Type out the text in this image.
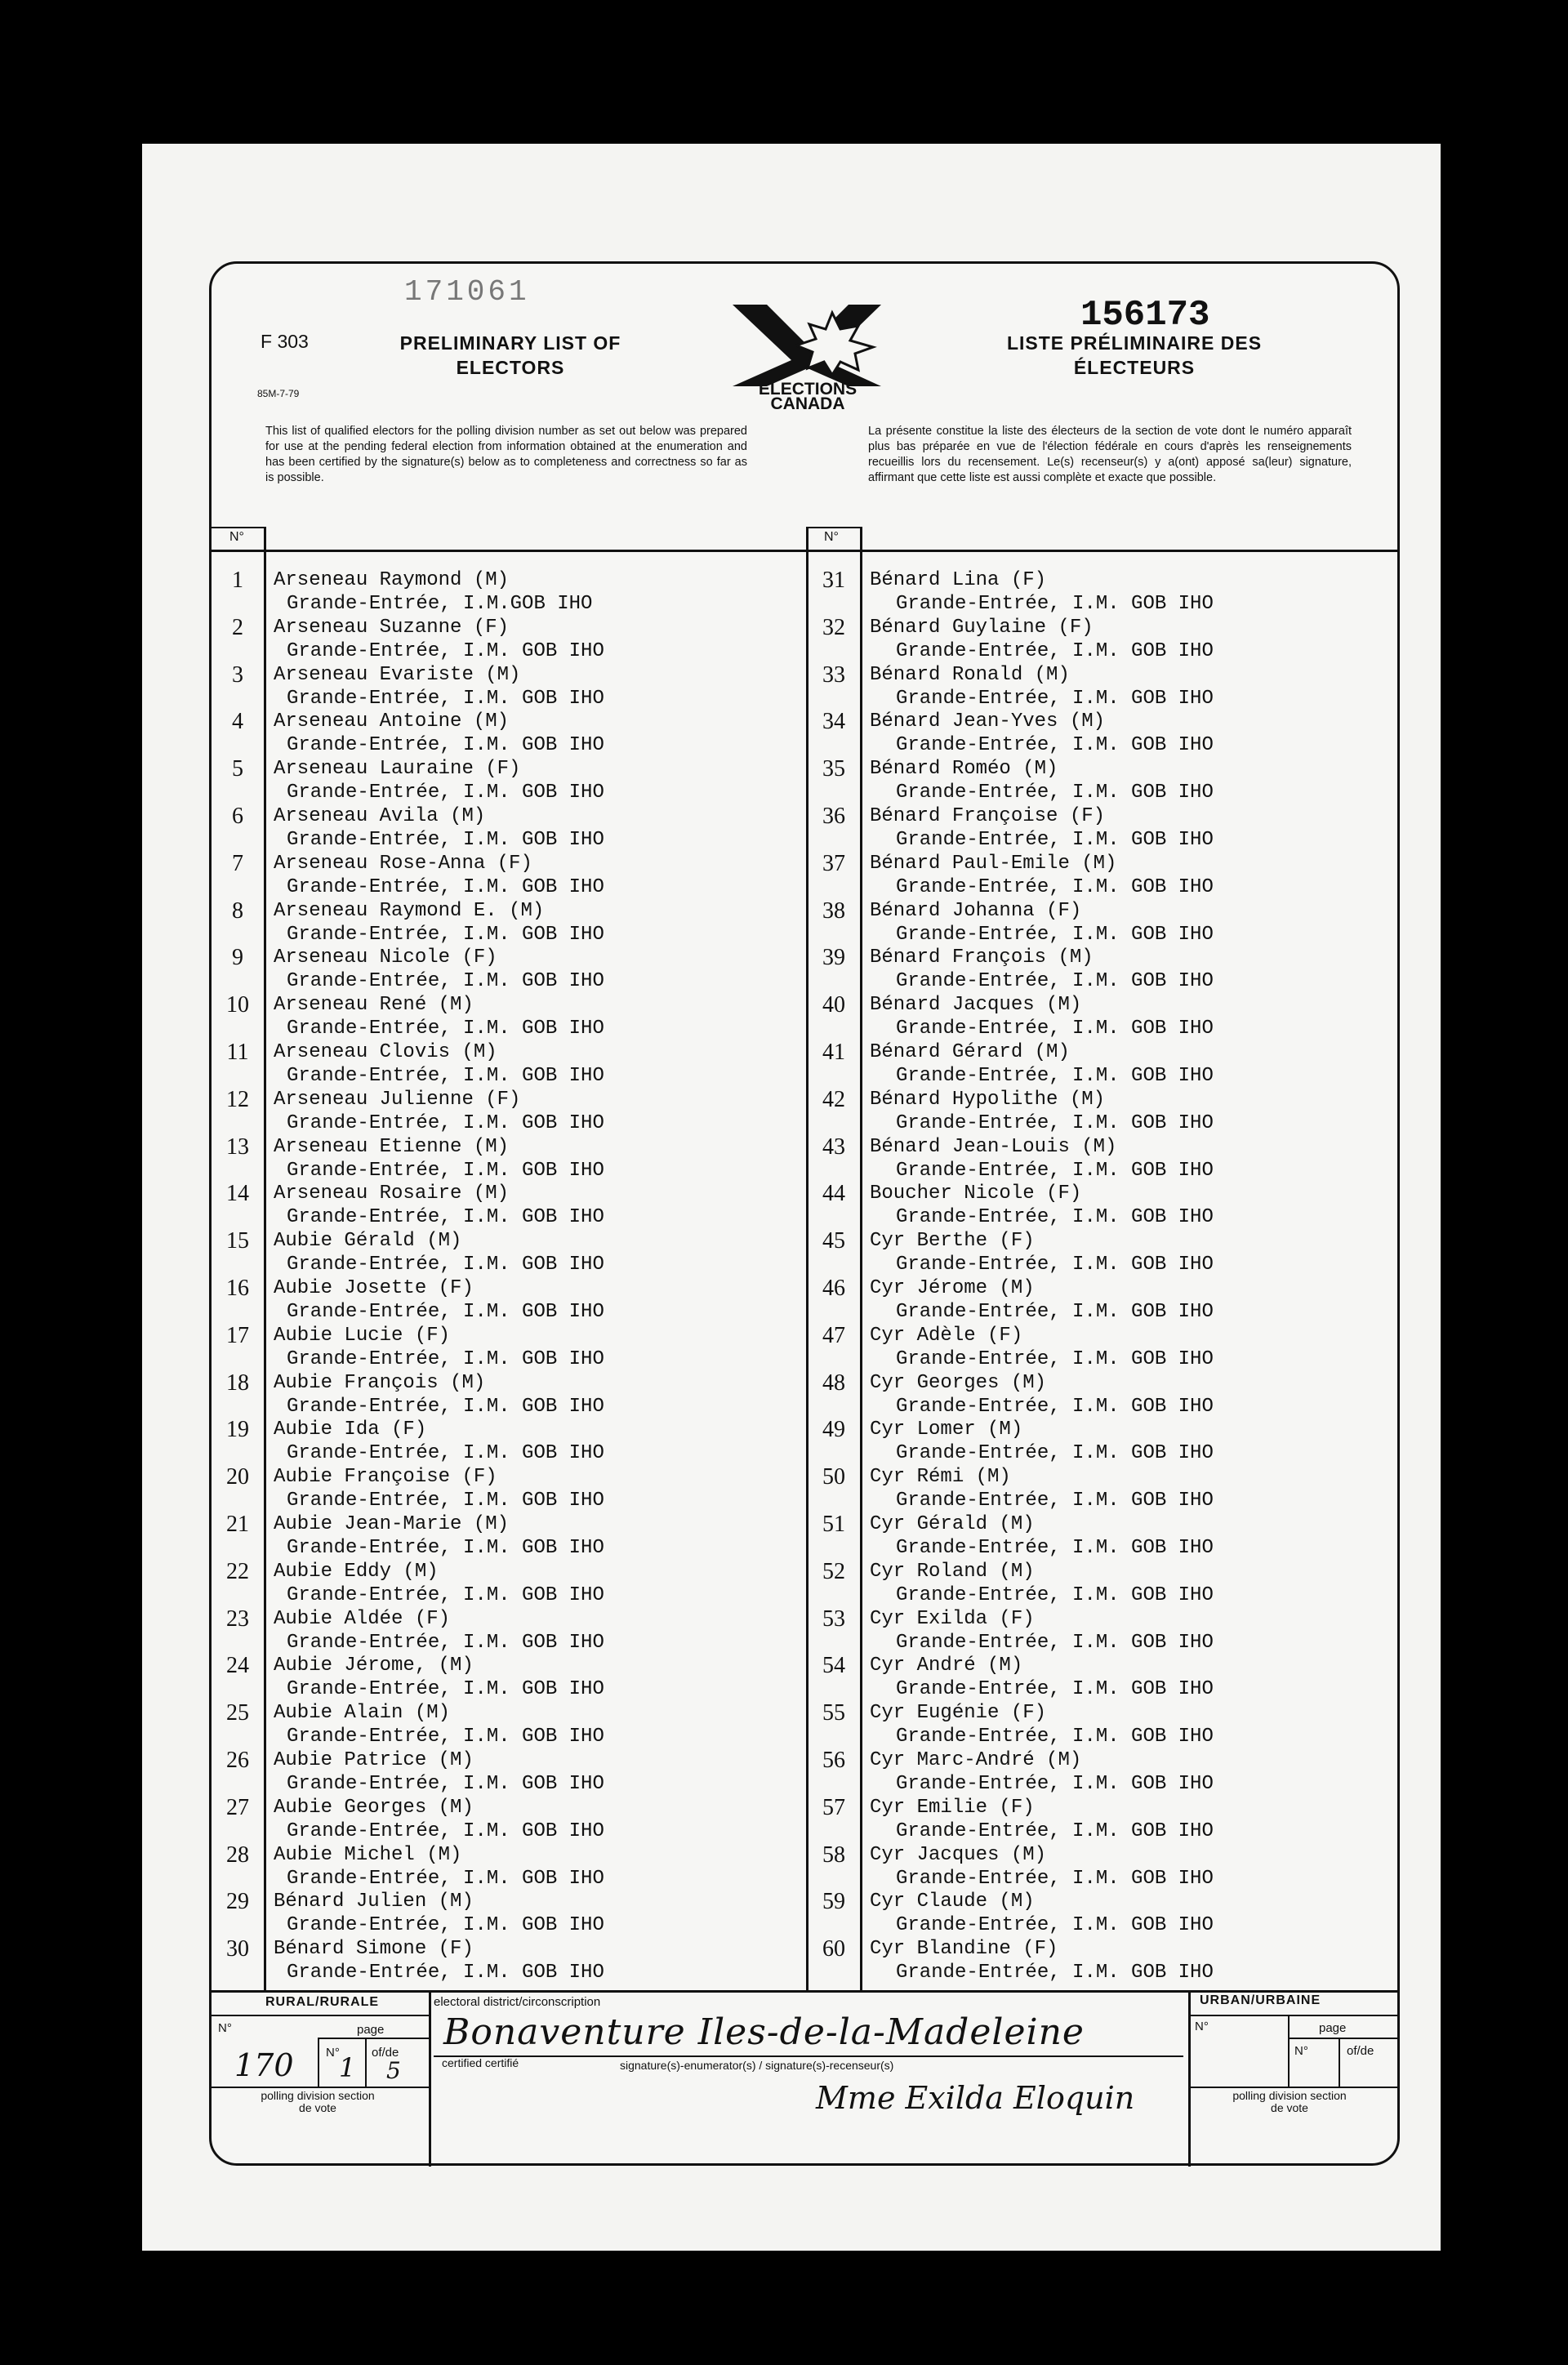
171061
F 303
85M-7-79
PRELIMINARY LIST OF ELECTORS
ELECTIONS
CANADA
156173
LISTE PRÉLIMINAIRE DES ÉLECTEURS
This list of qualified electors for the polling division number as set out below was prepared for use at the pending federal election from information obtained at the enumeration and has been certified by the signature(s) below as to completeness and correctness so far as is possible.
La présente constitue la liste des électeurs de la section de vote dont le numéro apparaît plus bas préparée en vue de l'élection fédérale en cours d'après les renseignements recueillis lors du recensement. Le(s) recenseur(s) y a(ont) apposé sa(leur) signature, affirmant que cette liste est aussi complète et exacte que possible.
N°	N°
1	Arseneau Raymond (M)
Grande-Entrée, I.M.GOB IHO
2	Arseneau Suzanne (F)
Grande-Entrée, I.M. GOB IHO
3	Arseneau Evariste (M)
Grande-Entrée, I.M. GOB IHO
4	Arseneau Antoine (M)
Grande-Entrée, I.M. GOB IHO
5	Arseneau Lauraine (F)
Grande-Entrée, I.M. GOB IHO
6	Arseneau Avila (M)
Grande-Entrée, I.M. GOB IHO
7	Arseneau Rose-Anna (F)
Grande-Entrée, I.M. GOB IHO
8	Arseneau Raymond E. (M)
Grande-Entrée, I.M. GOB IHO
9	Arseneau Nicole (F)
Grande-Entrée, I.M. GOB IHO
10	Arseneau René (M)
Grande-Entrée, I.M. GOB IHO
11	Arseneau Clovis (M)
Grande-Entrée, I.M. GOB IHO
12	Arseneau Julienne (F)
Grande-Entrée, I.M. GOB IHO
13	Arseneau Etienne (M)
Grande-Entrée, I.M. GOB IHO
14	Arseneau Rosaire (M)
Grande-Entrée, I.M. GOB IHO
15	Aubie Gérald (M)
Grande-Entrée, I.M. GOB IHO
16	Aubie Josette (F)
Grande-Entrée, I.M. GOB IHO
17	Aubie Lucie (F)
Grande-Entrée, I.M. GOB IHO
18	Aubie François (M)
Grande-Entrée, I.M. GOB IHO
19	Aubie Ida (F)
Grande-Entrée, I.M. GOB IHO
20	Aubie Françoise (F)
Grande-Entrée, I.M. GOB IHO
21	Aubie Jean-Marie (M)
Grande-Entrée, I.M. GOB IHO
22	Aubie Eddy (M)
Grande-Entrée, I.M. GOB IHO
23	Aubie Aldée (F)
Grande-Entrée, I.M. GOB IHO
24	Aubie Jérome, (M)
Grande-Entrée, I.M. GOB IHO
25	Aubie Alain (M)
Grande-Entrée, I.M. GOB IHO
26	Aubie Patrice (M)
Grande-Entrée, I.M. GOB IHO
27	Aubie Georges (M)
Grande-Entrée, I.M. GOB IHO
28	Aubie Michel (M)
Grande-Entrée, I.M. GOB IHO
29	Bénard Julien (M)
Grande-Entrée, I.M. GOB IHO
30	Bénard Simone (F)
Grande-Entrée, I.M. GOB IHO
31	Bénard Lina (F)
Grande-Entrée, I.M. GOB IHO
32	Bénard Guylaine (F)
Grande-Entrée, I.M. GOB IHO
33	Bénard Ronald (M)
Grande-Entrée, I.M. GOB IHO
34	Bénard Jean-Yves (M)
Grande-Entrée, I.M. GOB IHO
35	Bénard Roméo (M)
Grande-Entrée, I.M. GOB IHO
36	Bénard Françoise (F)
Grande-Entrée, I.M. GOB IHO
37	Bénard Paul-Emile (M)
Grande-Entrée, I.M. GOB IHO
38	Bénard Johanna (F)
Grande-Entrée, I.M. GOB IHO
39	Bénard François (M)
Grande-Entrée, I.M. GOB IHO
40	Bénard Jacques (M)
Grande-Entrée, I.M. GOB IHO
41	Bénard Gérard (M)
Grande-Entrée, I.M. GOB IHO
42	Bénard Hypolithe (M)
Grande-Entrée, I.M. GOB IHO
43	Bénard Jean-Louis (M)
Grande-Entrée, I.M. GOB IHO
44	Boucher Nicole (F)
Grande-Entrée, I.M. GOB IHO
45	Cyr Berthe (F)
Grande-Entrée, I.M. GOB IHO
46	Cyr Jérome (M)
Grande-Entrée, I.M. GOB IHO
47	Cyr Adèle (F)
Grande-Entrée, I.M. GOB IHO
48	Cyr Georges (M)
Grande-Entrée, I.M. GOB IHO
49	Cyr Lomer (M)
Grande-Entrée, I.M. GOB IHO
50	Cyr Rémi (M)
Grande-Entrée, I.M. GOB IHO
51	Cyr Gérald (M)
Grande-Entrée, I.M. GOB IHO
52	Cyr Roland (M)
Grande-Entrée, I.M. GOB IHO
53	Cyr Exilda (F)
Grande-Entrée, I.M. GOB IHO
54	Cyr André (M)
Grande-Entrée, I.M. GOB IHO
55	Cyr Eugénie (F)
Grande-Entrée, I.M. GOB IHO
56	Cyr Marc-André (M)
Grande-Entrée, I.M. GOB IHO
57	Cyr Emilie (F)
Grande-Entrée, I.M. GOB IHO
58	Cyr Jacques (M)
Grande-Entrée, I.M. GOB IHO
59	Cyr Claude (M)
Grande-Entrée, I.M. GOB IHO
60	Cyr Blandine (F)
Grande-Entrée, I.M. GOB IHO
RURAL/RURALE	URBAN/URBAINE
electoral district/circonscription
N°	page
N°	of/de
170 1 5
polling division section de vote
Bonaventure Iles-de-la-Madeleine
certified certifié	signature(s)-enumerator(s) / signature(s)-recenseur(s)
Mme Exilda Eloquin
N°	page
N°	of/de
polling division section de vote
